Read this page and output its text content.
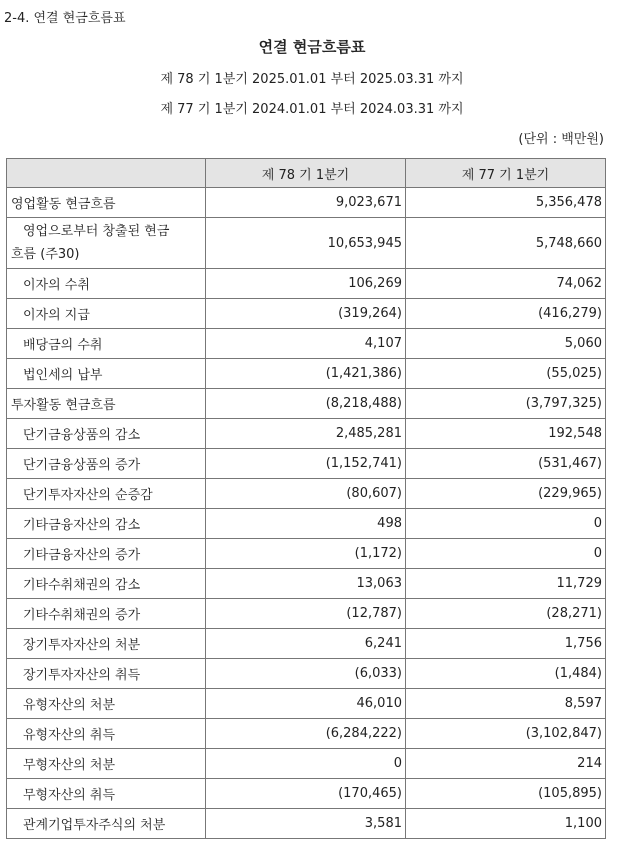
2-4. 연결 현금흐름표
연결 현금흐름표
제 78 기 1분기 2025.01.01 부터 2025.03.31 까지
제 77 기 1분기 2024.01.01 부터 2024.03.31 까지
(단위 : 백만원)
	제 78 기 1분기	제 77 기 1분기
영업활동 현금흐름	9,023,671	5,356,478

영업으로부터 창출된 현금
흐름 (주30)	10,653,945	5,748,660
이자의 수취	106,269	74,062
이자의 지급	(319,264)	(416,279)
배당금의 수취	4,107	5,060
법인세의 납부	(1,421,386)	(55,025)
투자활동 현금흐름	(8,218,488)	(3,797,325)
단기금융상품의 감소	2,485,281	192,548
단기금융상품의 증가	(1,152,741)	(531,467)
단기투자자산의 순증감	(80,607)	(229,965)
기타금융자산의 감소	498	0
기타금융자산의 증가	(1,172)	0
기타수취채권의 감소	13,063	11,729
기타수취채권의 증가	(12,787)	(28,271)
장기투자자산의 처분	6,241	1,756
장기투자자산의 취득	(6,033)	(1,484)
유형자산의 처분	46,010	8,597
유형자산의 취득	(6,284,222)	(3,102,847)
무형자산의 처분	0	214
무형자산의 취득	(170,465)	(105,895)
관계기업투자주식의 처분	3,581	1,100
